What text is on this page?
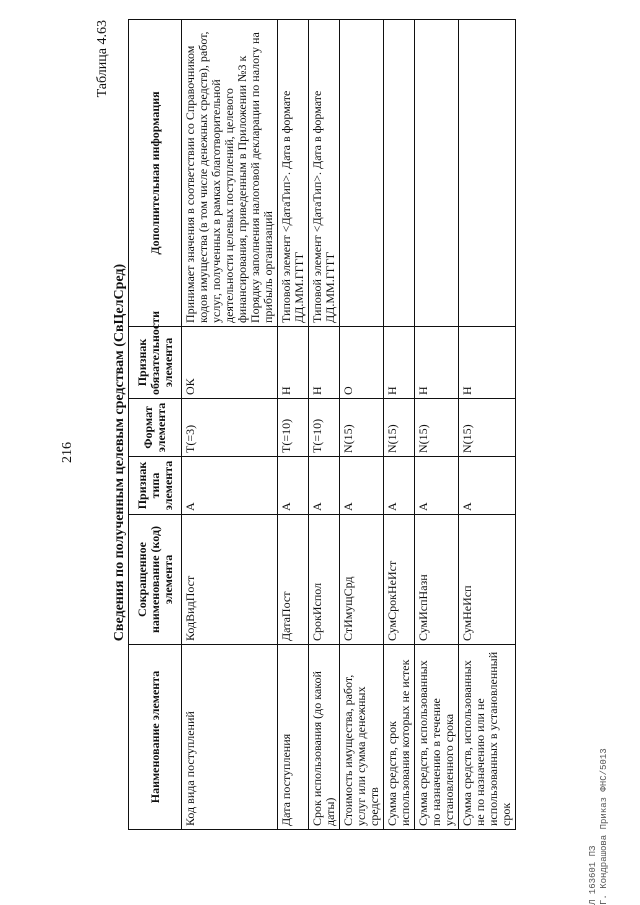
216
Таблица 4.63
Сведения по полученным целевым средствам (СвЦелСред)
Наименование элемента	Сокращенное наименование (код) элемента	Признак типа элемента	Формат элемента	Признак обязательности элемента	Дополнительная информация
Код вида поступлений	КодВидПост	А	T(=3)	ОК	Принимает значения в соответствии со Справочником кодов имущества (в том числе денежных средств), работ, услуг, полученных в рамках благотворительной деятельности целевых поступлений, целевого финансирования, приведенным в Приложении №3 к Порядку заполнения налоговой декларации по налогу на прибыль организаций
Дата поступления	ДатаПост	А	T(=10)	Н	Типовой элемент <ДатаТип>. Дата в формате ДД.ММ.ГГГГ
Срок использования (до какой даты)	СрокИспол	А	T(=10)	Н	Типовой элемент <ДатаТип>. Дата в формате ДД.ММ.ГГГГ
Стоимость имущества, работ, услуг или сумма денежных средств	СтИмущСрд	А	N(15)	О	
Сумма средств, срок использования которых не истек	СумСрокНеИст	А	N(15)	Н	
Сумма средств, использованных по назначению в течение установленного срока	СумИспНазн	А	N(15)	Н	
Сумма средств, использованных не по назначению или не использованных в установленный срок	СумНеИсп	А	N(15)	Н	
Л 163601 ПЗ Г. Кондрашова Приказ ФНС/5013
